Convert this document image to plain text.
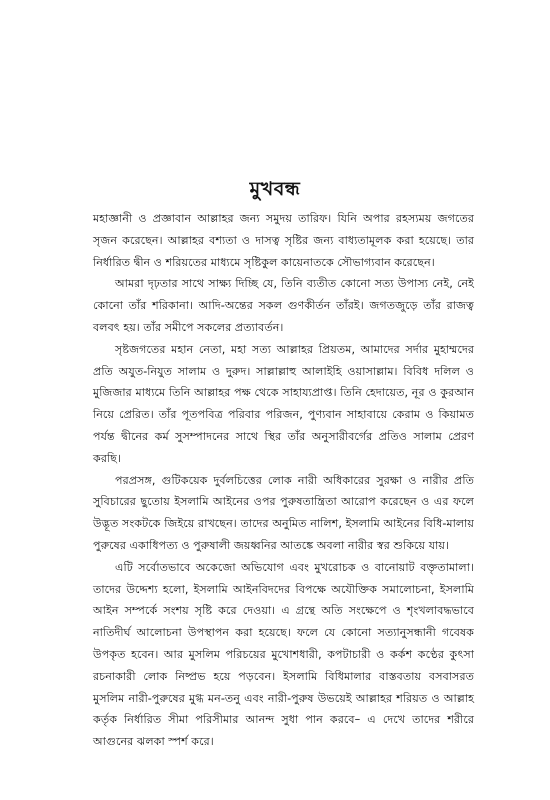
মুখবন্ধ

মহাজ্ঞানী ও প্রজ্ঞাবান আল্লাহর জন্য সমুদয় তারিফ। যিনি অপার রহস্যময় জগতের সৃজন করেছেন। আল্লাহর বশ্যতা ও দাসত্ব সৃষ্টির জন্য বাধ্যতামূলক করা হয়েছে। তার নির্ধারিত দ্বীন ও শরিয়তের মাধ্যমে সৃষ্টিকুল কায়েনাতকে সৌভাগ্যবান করেছেন।

আমরা দৃঢ়তার সাথে সাক্ষ্য দিচ্ছি যে, তিনি ব্যতীত কোনো সত্য উপাস্য নেই, নেই কোনো তাঁর শরিকানা। আদি-অন্তের সকল গুণকীর্তন তাঁরই। জগতজুড়ে তাঁর রাজত্ব বলবৎ হয়। তাঁর সমীপে সকলের প্রত্যাবর্তন।

সৃষ্টজগতের মহান নেতা, মহা সত্য আল্লাহর প্রিয়তম, আমাদের সর্দার মুহাম্মদের প্রতি অযুত-নিযুত সালাম ও দুরুদ। সাল্লাল্লাহু আলাইহি ওয়াসাল্লাম। বিবিধ দলিল ও মুজিজার মাধ্যমে তিনি আল্লাহর পক্ষ থেকে সাহায্যপ্রাপ্ত। তিনি হেদায়েত, নূর ও কুরআন নিয়ে প্রেরিত। তাঁর পূতপবিত্র পরিবার পরিজন, পুণ্যবান সাহাবায়ে কেরাম ও কিয়ামত পর্যন্ত দ্বীনের কর্ম সুসম্পাদনের সাথে স্থির তাঁর অনুসারীবর্গের প্রতিও সালাম প্রেরণ করছি।

পরপ্রসঙ্গ, গুটিকয়েক দুর্বলচিত্তের লোক নারী অধিকারের সুরক্ষা ও নারীর প্রতি সুবিচারের ছুতোয় ইসলামি আইনের ওপর পুরুষতান্ত্রিতা আরোপ করেছেন ও এর ফলে উদ্ভূত সংকটকে জিইয়ে রাখছেন। তাদের অনুমিত নালিশ, ইসলামি আইনের বিধি-মালায় পুরুষের একাধিপত্য ও পুরুষালী জয়ধ্বনির আতঙ্কে অবলা নারীর স্বর শুকিয়ে যায়।

এটি সর্বোতভাবে অকেজো অভিযোগ এবং মুখরোচক ও বানোয়াট বক্তৃতামালা। তাদের উদ্দেশ্য হলো, ইসলামি আইনবিদদের বিপক্ষে অযৌক্তিক সমালোচনা, ইসলামি আইন সম্পর্কে সংশয় সৃষ্টি করে দেওয়া। এ গ্রন্থে অতি সংক্ষেপে ও শৃংখলাবদ্ধভাবে নাতিদীর্ঘ আলোচনা উপস্থাপন করা হয়েছে। ফলে যে কোনো সত্যানুসন্ধানী গবেষক উপকৃত হবেন। আর মুসলিম পরিচয়ের মুখোশধারী, কপটাচারী ও কর্কশ কণ্ঠের কুৎসা রচনাকারী লোক নিষ্প্রভ হয়ে পড়বেন। ইসলামি বিধিমালার বাস্তবতায় বসবাসরত মুসলিম নারী-পুরুষের মুগ্ধ মন-তনু এবং নারী-পুরুষ উভয়েই আল্লাহর শরিয়ত ও আল্লাহ কর্তৃক নির্ধারিত সীমা পরিসীমার আনন্দ সুধা পান করবে– এ দেখে তাদের শরীরে আগুনের ঝলকা স্পর্শ করে।
